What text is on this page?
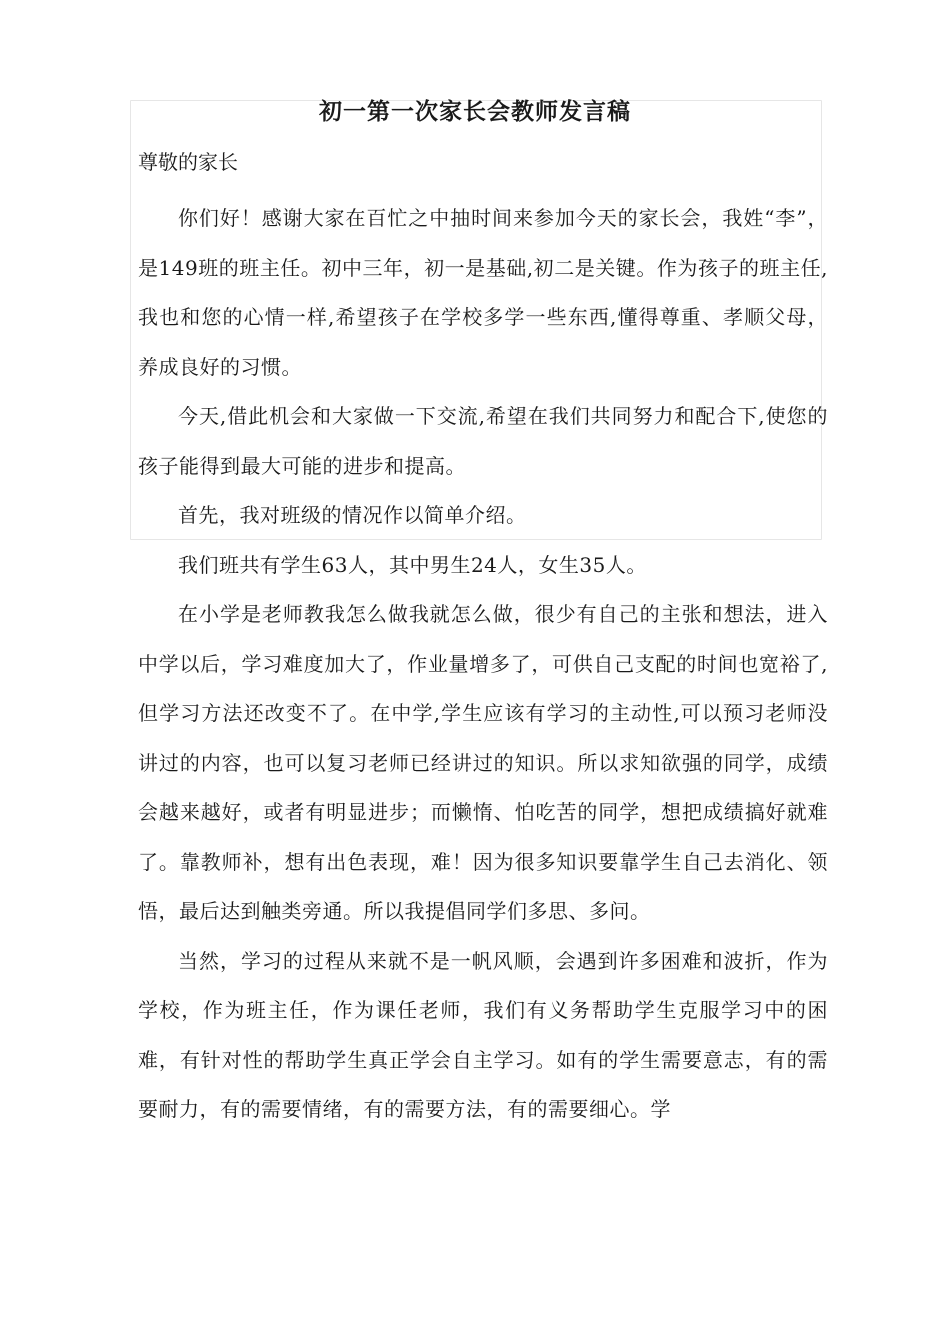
初一第一次家长会教师发言稿

尊敬的家长

你们好！感谢大家在百忙之中抽时间来参加今天的家长会，我姓“李”，是149班的班主任。初中三年，初一是基础,初二是关键。作为孩子的班主任,我也和您的心情一样,希望孩子在学校多学一些东西,懂得尊重、孝顺父母，养成良好的习惯。

今天,借此机会和大家做一下交流,希望在我们共同努力和配合下,使您的孩子能得到最大可能的进步和提高。

首先，我对班级的情况作以简单介绍。

我们班共有学生63人，其中男生24人，女生35人。

在小学是老师教我怎么做我就怎么做，很少有自己的主张和想法，进入中学以后，学习难度加大了，作业量增多了，可供自己支配的时间也宽裕了,但学习方法还改变不了。在中学,学生应该有学习的主动性,可以预习老师没讲过的内容，也可以复习老师已经讲过的知识。所以求知欲强的同学，成绩会越来越好，或者有明显进步；而懒惰、怕吃苦的同学，想把成绩搞好就难了。靠教师补，想有出色表现，难！因为很多知识要靠学生自己去消化、领悟，最后达到触类旁通。所以我提倡同学们多思、多问。

当然，学习的过程从来就不是一帆风顺，会遇到许多困难和波折，作为学校，作为班主任，作为课任老师，我们有义务帮助学生克服学习中的困难，有针对性的帮助学生真正学会自主学习。如有的学生需要意志，有的需要耐力，有的需要情绪，有的需要方法，有的需要细心。学
